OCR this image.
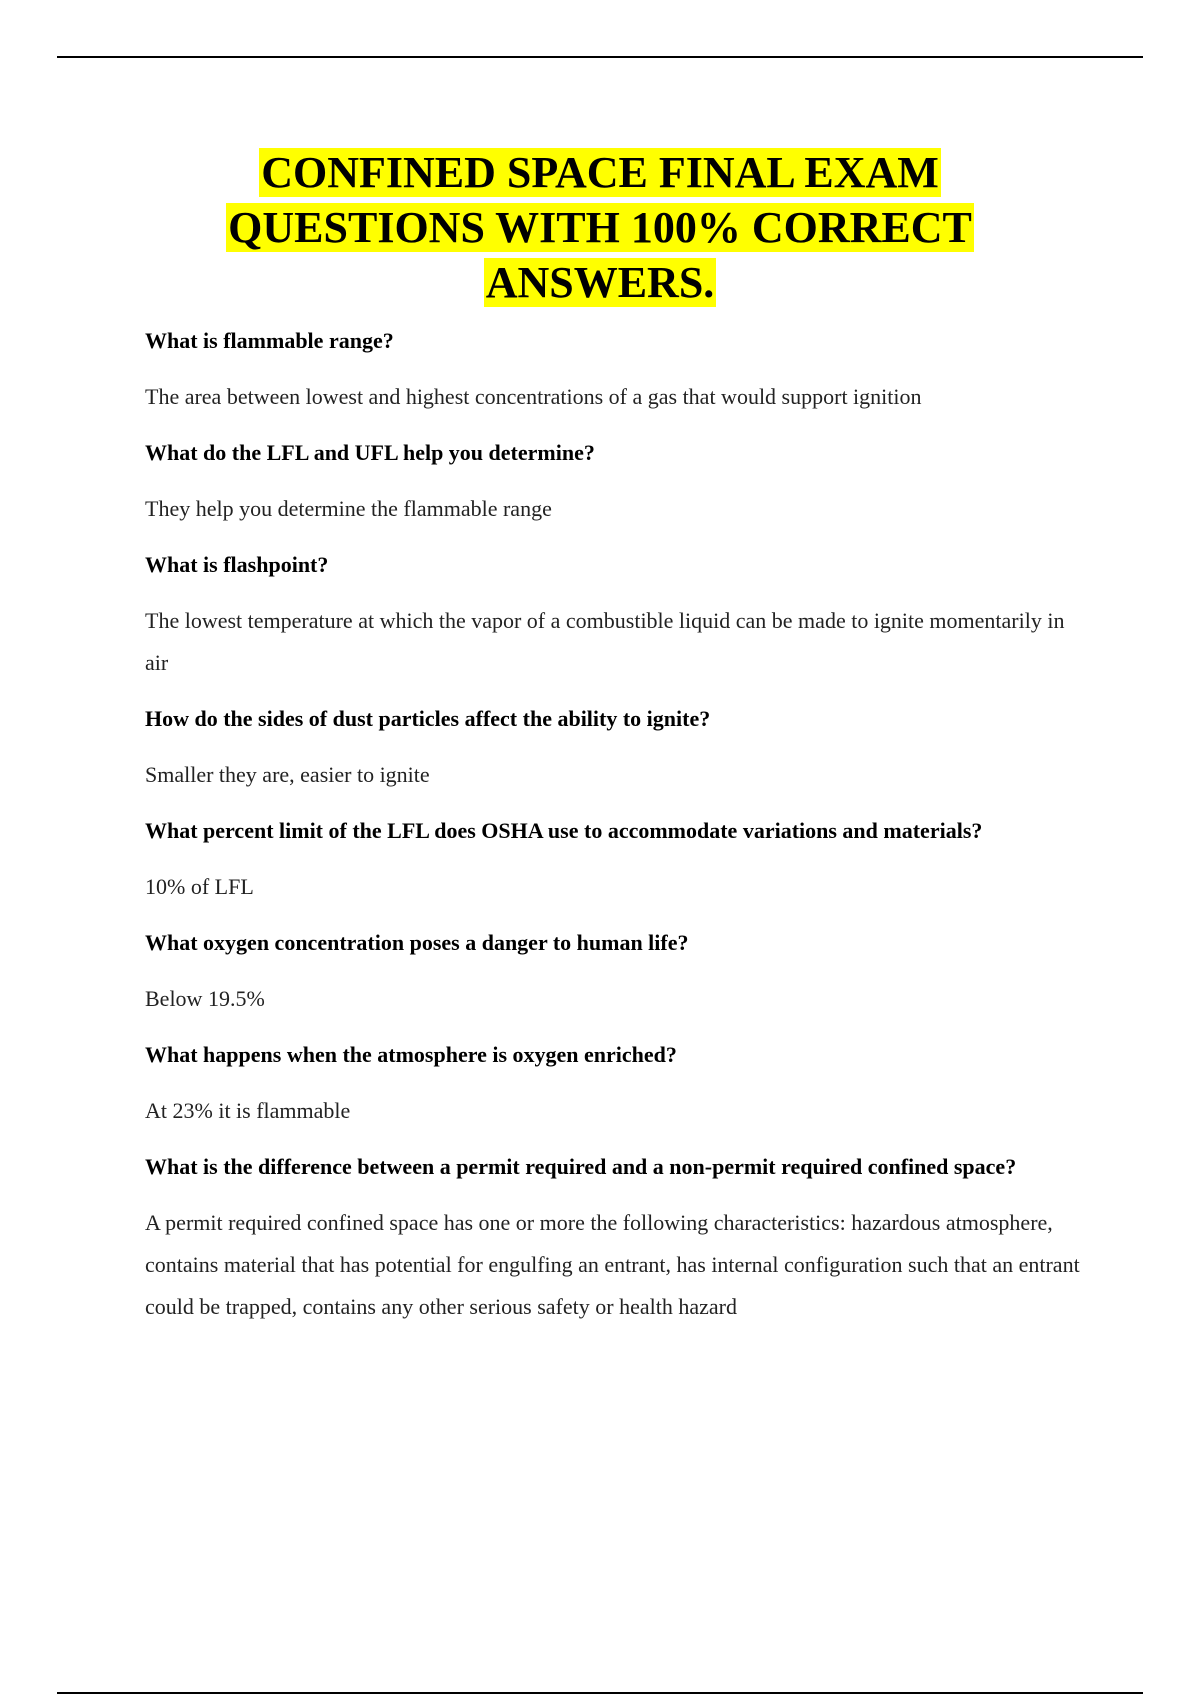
CONFINED SPACE FINAL EXAM
QUESTIONS WITH 100% CORRECT
ANSWERS.

What is flammable range?

The area between lowest and highest concentrations of a gas that would support ignition

What do the LFL and UFL help you determine?

They help you determine the flammable range

What is flashpoint?

The lowest temperature at which the vapor of a combustible liquid can be made to ignite momentarily in air

How do the sides of dust particles affect the ability to ignite?

Smaller they are, easier to ignite

What percent limit of the LFL does OSHA use to accommodate variations and materials?

10% of LFL

What oxygen concentration poses a danger to human life?

Below 19.5%

What happens when the atmosphere is oxygen enriched?

At 23% it is flammable

What is the difference between a permit required and a non-permit required confined space?

A permit required confined space has one or more the following characteristics: hazardous atmosphere, contains material that has potential for engulfing an entrant, has internal configuration such that an entrant could be trapped, contains any other serious safety or health hazard
